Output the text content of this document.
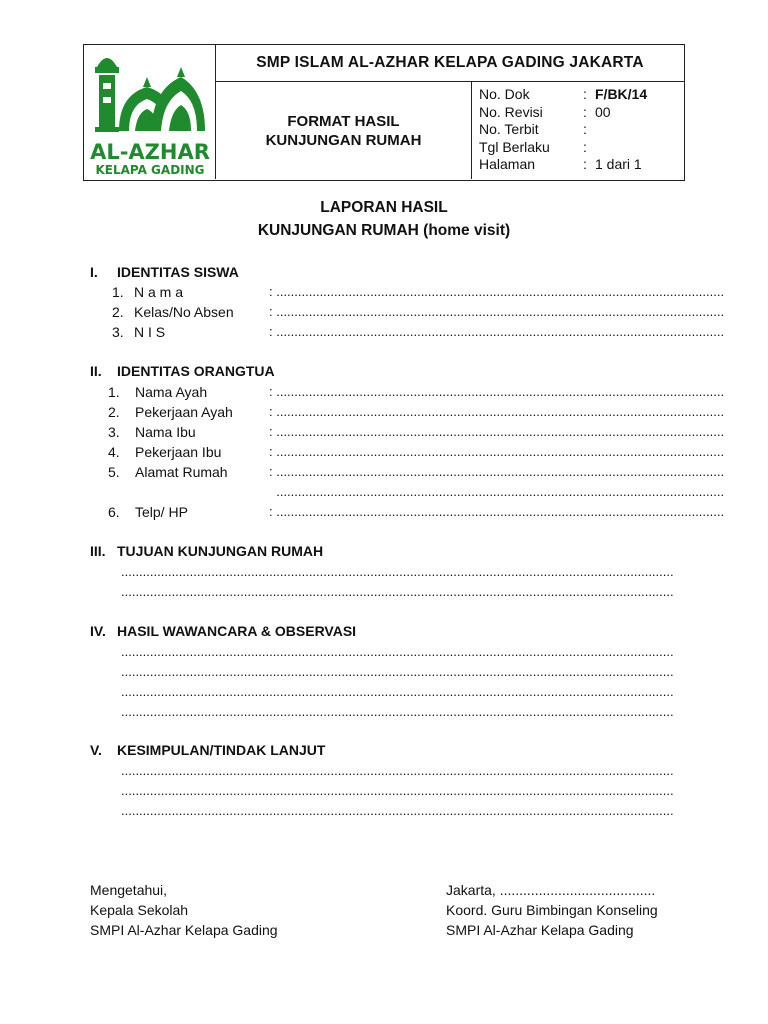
AL-AZHAR
KELAPA GADING
SMP ISLAM AL-AZHAR KELAPA GADING JAKARTA
FORMAT HASIL
KUNJUNGAN RUMAH
No. Dok	: F/BK/14
No. Revisi	: 00
No. Terbit	:
Tgl Berlaku	:
Halaman	: 1 dari 1
LAPORAN HASIL
KUNJUNGAN RUMAH (home visit)
I. IDENTITAS SISWA
1. N a m a	: ............................................................................................................................
2. Kelas/No Absen	: ............................................................................................................................
3. N I S	: ............................................................................................................................
II. IDENTITAS ORANGTUA
1. Nama Ayah	: ............................................................................................................................
2. Pekerjaan Ayah	: ............................................................................................................................
3. Nama Ibu	: ............................................................................................................................
4. Pekerjaan Ibu	: ............................................................................................................................
5. Alamat Rumah	: ............................................................................................................................
............................................................................................................................
6. Telp/ HP	: ............................................................................................................................
III. TUJUAN KUNJUNGAN RUMAH
.........................................................................................................................................................
.........................................................................................................................................................
IV. HASIL WAWANCARA & OBSERVASI
.........................................................................................................................................................
.........................................................................................................................................................
.........................................................................................................................................................
.........................................................................................................................................................
V. KESIMPULAN/TINDAK LANJUT
.........................................................................................................................................................
.........................................................................................................................................................
.........................................................................................................................................................
Mengetahui,
Kepala Sekolah
SMPI Al-Azhar Kelapa Gading
Jakarta, ........................................
Koord. Guru Bimbingan Konseling
SMPI Al-Azhar Kelapa Gading
